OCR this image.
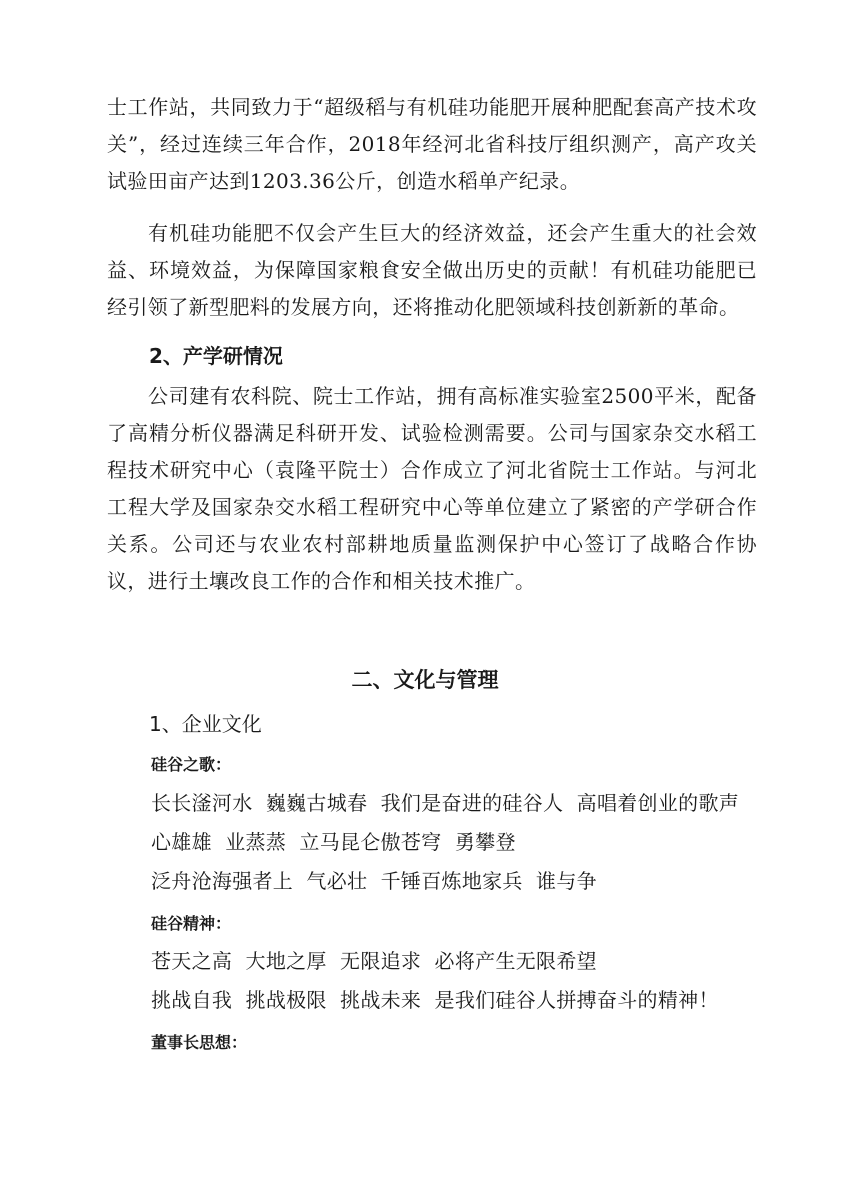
士工作站，共同致力于“超级稻与有机硅功能肥开展种肥配套高产技术攻关”，经过连续三年合作，2018年经河北省科技厅组织测产，高产攻关试验田亩产达到1203.36公斤，创造水稻单产纪录。

有机硅功能肥不仅会产生巨大的经济效益，还会产生重大的社会效益、环境效益，为保障国家粮食安全做出历史的贡献！有机硅功能肥已经引领了新型肥料的发展方向，还将推动化肥领域科技创新新的革命。

2、产学研情况

公司建有农科院、院士工作站，拥有高标准实验室2500平米，配备了高精分析仪器满足科研开发、试验检测需要。公司与国家杂交水稻工程技术研究中心（袁隆平院士）合作成立了河北省院士工作站。与河北工程大学及国家杂交水稻工程研究中心等单位建立了紧密的产学研合作关系。公司还与农业农村部耕地质量监测保护中心签订了战略合作协议，进行土壤改良工作的合作和相关技术推广。

二、文化与管理

1、企业文化

硅谷之歌：

长长滏河水  巍巍古城春  我们是奋进的硅谷人  高唱着创业的歌声

心雄雄  业蒸蒸  立马昆仑傲苍穹  勇攀登

泛舟沧海强者上  气必壮  千锤百炼地家兵  谁与争

硅谷精神：

苍天之高  大地之厚  无限追求  必将产生无限希望

挑战自我  挑战极限  挑战未来  是我们硅谷人拼搏奋斗的精神！

董事长思想：
